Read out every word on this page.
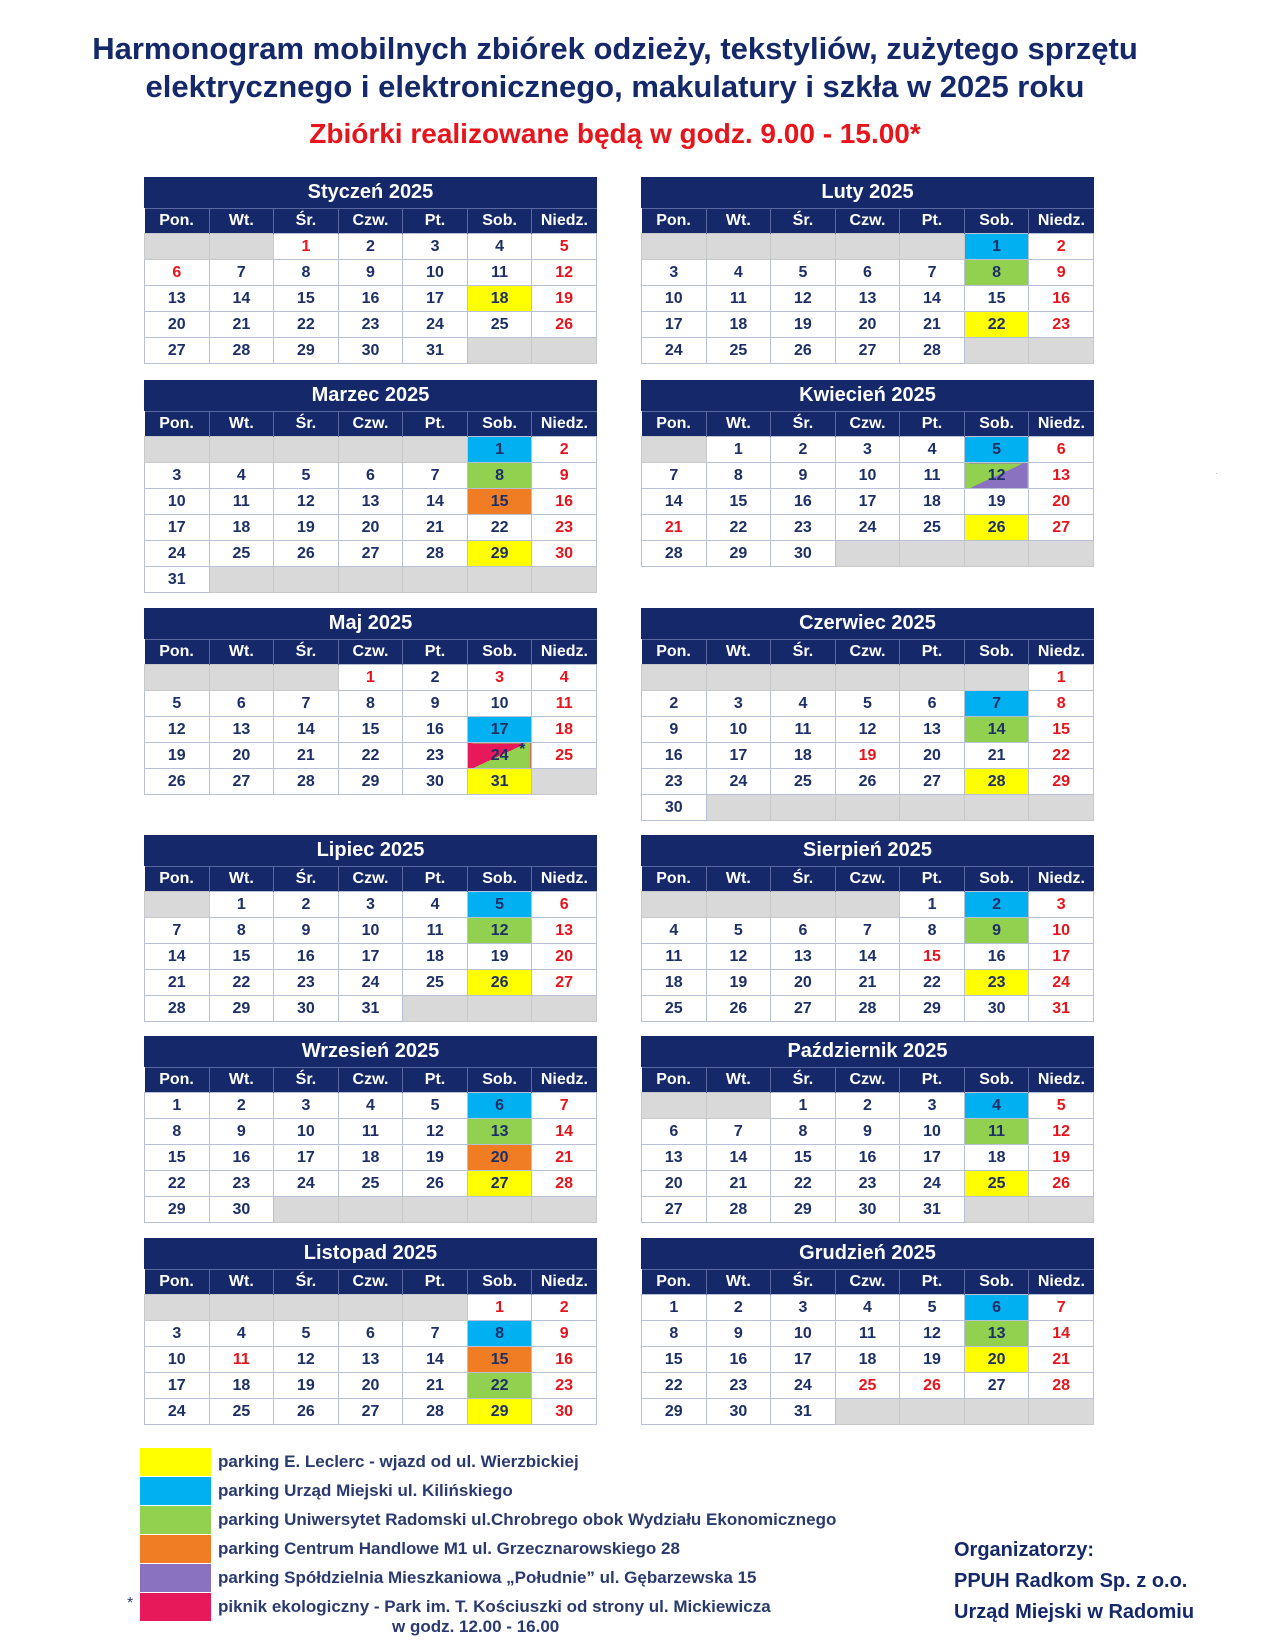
Harmonogram mobilnych zbiórek odzieży, tekstyliów, zużytego sprzętu
elektrycznego i elektronicznego, makulatury i szkła w 2025 roku
Zbiórki realizowane będą w godz. 9.00 - 15.00*
Styczeń 2025
Pon.	Wt.	Śr.	Czw.	Pt.	Sob.	Niedz.
		1	2	3	4	5
6	7	8	9	10	11	12
13	14	15	16	17	18	19
20	21	22	23	24	25	26
27	28	29	30	31		
Luty 2025
Pon.	Wt.	Śr.	Czw.	Pt.	Sob.	Niedz.
					1	2
3	4	5	6	7	8	9
10	11	12	13	14	15	16
17	18	19	20	21	22	23
24	25	26	27	28		
Marzec 2025
Pon.	Wt.	Śr.	Czw.	Pt.	Sob.	Niedz.
					1	2
3	4	5	6	7	8	9
10	11	12	13	14	15	16
17	18	19	20	21	22	23
24	25	26	27	28	29	30
31						
Kwiecień 2025
Pon.	Wt.	Śr.	Czw.	Pt.	Sob.	Niedz.
	1	2	3	4	5	6
7	8	9	10	11	12	13
14	15	16	17	18	19	20
21	22	23	24	25	26	27
28	29	30				
Maj 2025
Pon.	Wt.	Śr.	Czw.	Pt.	Sob.	Niedz.
			1	2	3	4
5	6	7	8	9	10	11
12	13	14	15	16	17	18
19	20	21	22	23	24 *	25
26	27	28	29	30	31	
Czerwiec 2025
Pon.	Wt.	Śr.	Czw.	Pt.	Sob.	Niedz.
						1
2	3	4	5	6	7	8
9	10	11	12	13	14	15
16	17	18	19	20	21	22
23	24	25	26	27	28	29
30						
Lipiec 2025
Pon.	Wt.	Śr.	Czw.	Pt.	Sob.	Niedz.
	1	2	3	4	5	6
7	8	9	10	11	12	13
14	15	16	17	18	19	20
21	22	23	24	25	26	27
28	29	30	31			
Sierpień 2025
Pon.	Wt.	Śr.	Czw.	Pt.	Sob.	Niedz.
				1	2	3
4	5	6	7	8	9	10
11	12	13	14	15	16	17
18	19	20	21	22	23	24
25	26	27	28	29	30	31
Wrzesień 2025
Pon.	Wt.	Śr.	Czw.	Pt.	Sob.	Niedz.
1	2	3	4	5	6	7
8	9	10	11	12	13	14
15	16	17	18	19	20	21
22	23	24	25	26	27	28
29	30					
Październik 2025
Pon.	Wt.	Śr.	Czw.	Pt.	Sob.	Niedz.
		1	2	3	4	5
6	7	8	9	10	11	12
13	14	15	16	17	18	19
20	21	22	23	24	25	26
27	28	29	30	31		
Listopad 2025
Pon.	Wt.	Śr.	Czw.	Pt.	Sob.	Niedz.
					1	2
3	4	5	6	7	8	9
10	11	12	13	14	15	16
17	18	19	20	21	22	23
24	25	26	27	28	29	30
Grudzień 2025
Pon.	Wt.	Śr.	Czw.	Pt.	Sob.	Niedz.
1	2	3	4	5	6	7
8	9	10	11	12	13	14
15	16	17	18	19	20	21
22	23	24	25	26	27	28
29	30	31				
parking E. Leclerc - wjazd od ul. Wierzbickiej
parking Urząd Miejski ul. Kilińskiego
parking Uniwersytet Radomski ul.Chrobrego obok Wydziału Ekonomicznego
parking Centrum Handlowe M1 ul. Grzecznarowskiego 28
parking Spółdzielnia Mieszkaniowa „Południe” ul. Gębarzewska 15
*	piknik ekologiczny - Park im. T. Kościuszki od strony ul. Mickiewicza
w godz. 12.00 - 16.00
Organizatorzy:
PPUH Radkom Sp. z o.o.
Urząd Miejski w Radomiu
.
